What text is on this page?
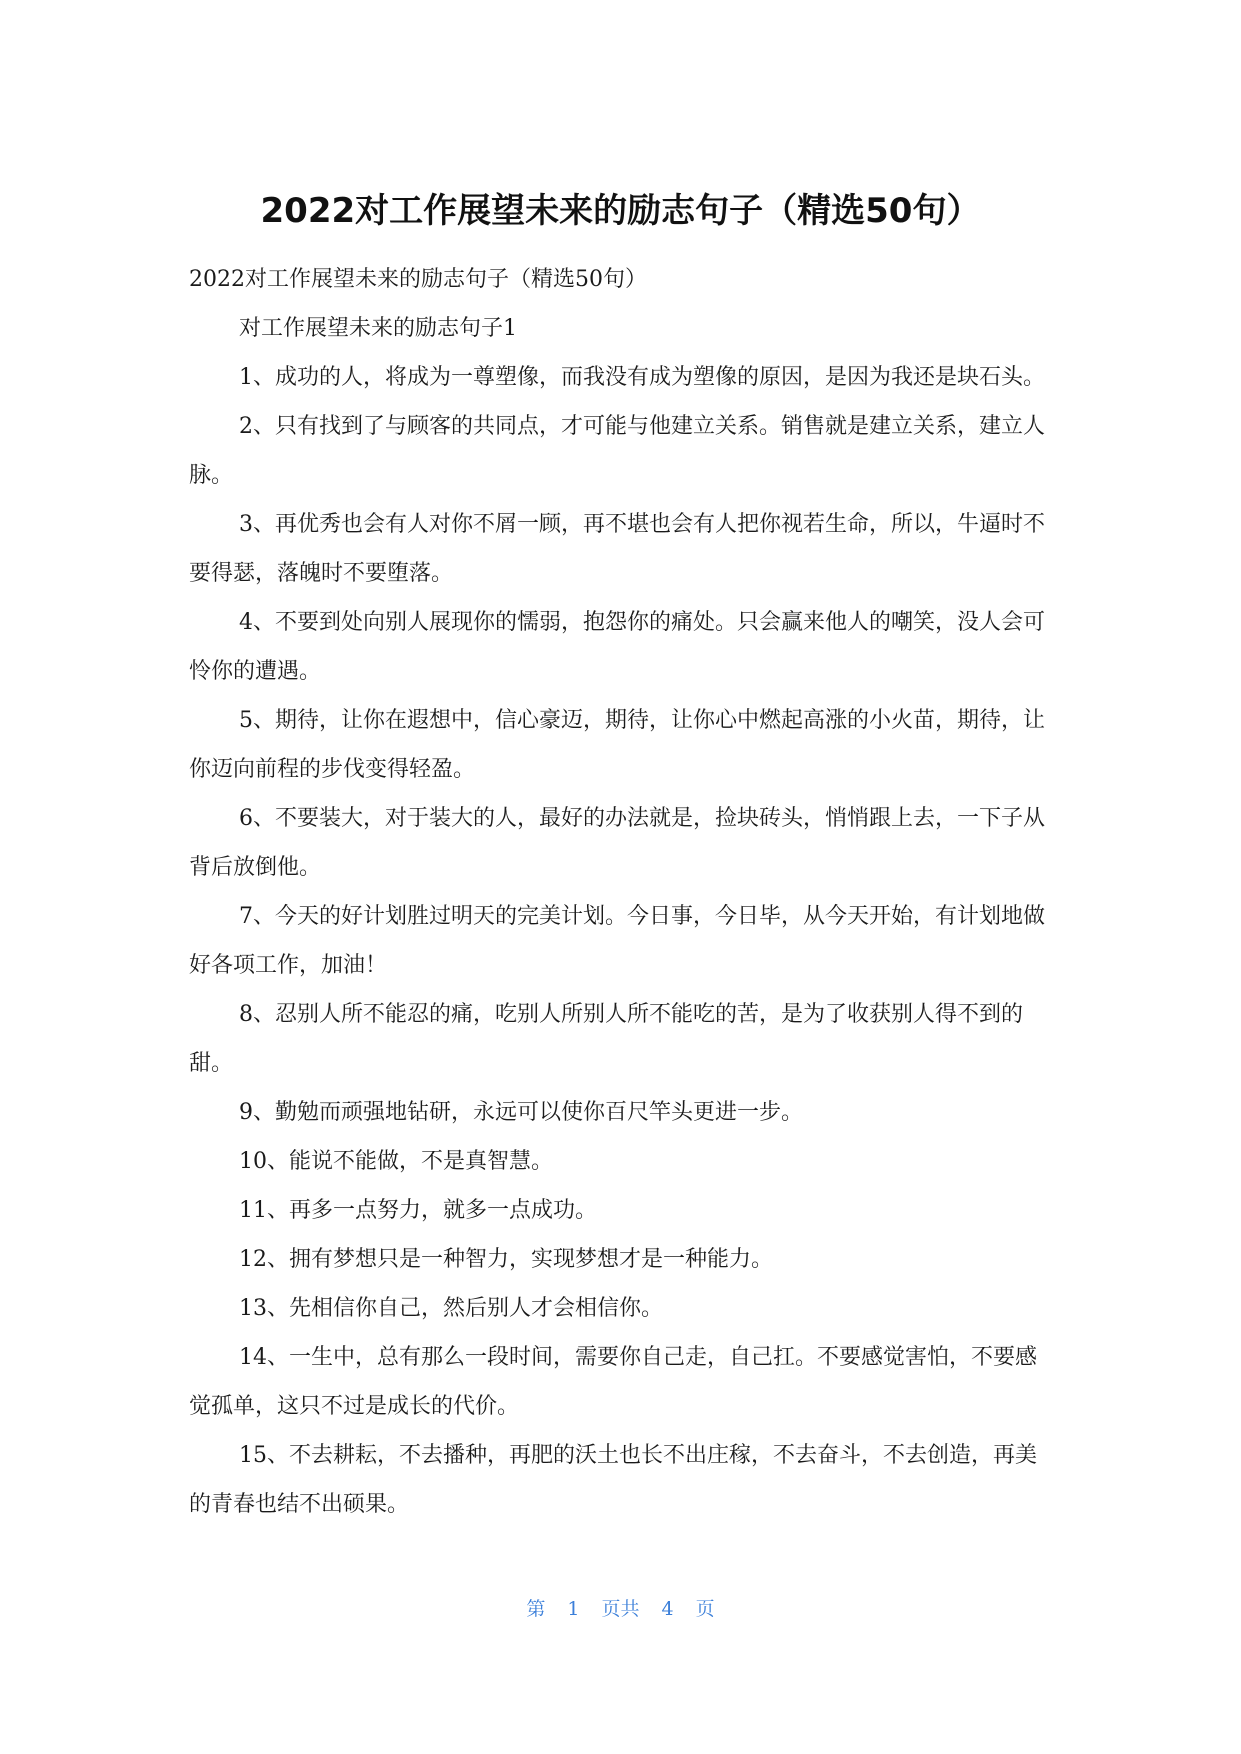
2022对工作展望未来的励志句子（精选50句）

2022对工作展望未来的励志句子（精选50句）

对工作展望未来的励志句子1

1、成功的人，将成为一尊塑像，而我没有成为塑像的原因，是因为我还是块石头。

2、只有找到了与顾客的共同点，才可能与他建立关系。销售就是建立关系，建立人脉。

3、再优秀也会有人对你不屑一顾，再不堪也会有人把你视若生命，所以，牛逼时不要得瑟，落魄时不要堕落。

4、不要到处向别人展现你的懦弱，抱怨你的痛处。只会赢来他人的嘲笑，没人会可怜你的遭遇。

5、期待，让你在遐想中，信心豪迈，期待，让你心中燃起高涨的小火苗，期待，让你迈向前程的步伐变得轻盈。

6、不要装大，对于装大的人，最好的办法就是，捡块砖头，悄悄跟上去，一下子从背后放倒他。

7、今天的好计划胜过明天的完美计划。今日事，今日毕，从今天开始，有计划地做好各项工作，加油！

8、忍别人所不能忍的痛，吃别人所别人所不能吃的苦，是为了收获别人得不到的甜。

9、勤勉而顽强地钻研，永远可以使你百尺竿头更进一步。

10、能说不能做，不是真智慧。

11、再多一点努力，就多一点成功。

12、拥有梦想只是一种智力，实现梦想才是一种能力。

13、先相信你自己，然后别人才会相信你。

14、一生中，总有那么一段时间，需要你自己走，自己扛。不要感觉害怕，不要感觉孤单，这只不过是成长的代价。

15、不去耕耘，不去播种，再肥的沃土也长不出庄稼，不去奋斗，不去创造，再美的青春也结不出硕果。

第 1 页共 4 页
